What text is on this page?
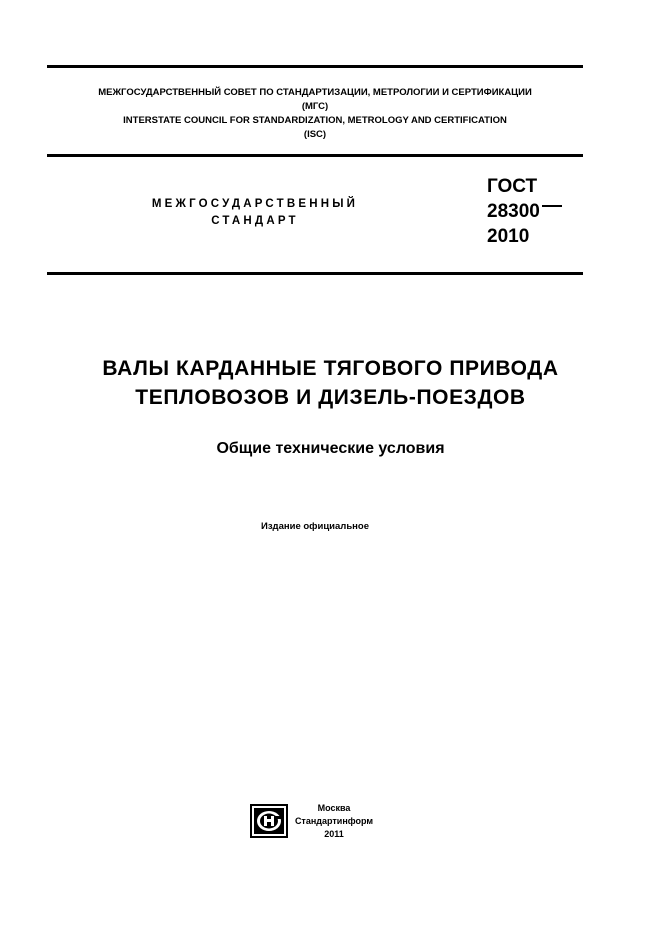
МЕЖГОСУДАРСТВЕННЫЙ СОВЕТ ПО СТАНДАРТИЗАЦИИ, МЕТРОЛОГИИ И СЕРТИФИКАЦИИ
(МГС)
INTERSTATE COUNCIL FOR STANDARDIZATION, METROLOGY AND CERTIFICATION
(ISC)
МЕЖГОСУДАРСТВЕННЫЙ
СТАНДАРТ
ГОСТ
28300
2010
ВАЛЫ КАРДАННЫЕ ТЯГОВОГО ПРИВОДА
ТЕПЛОВОЗОВ И ДИЗЕЛЬ-ПОЕЗДОВ
Общие технические условия
Издание официальное
Москва
Стандартинформ
2011
